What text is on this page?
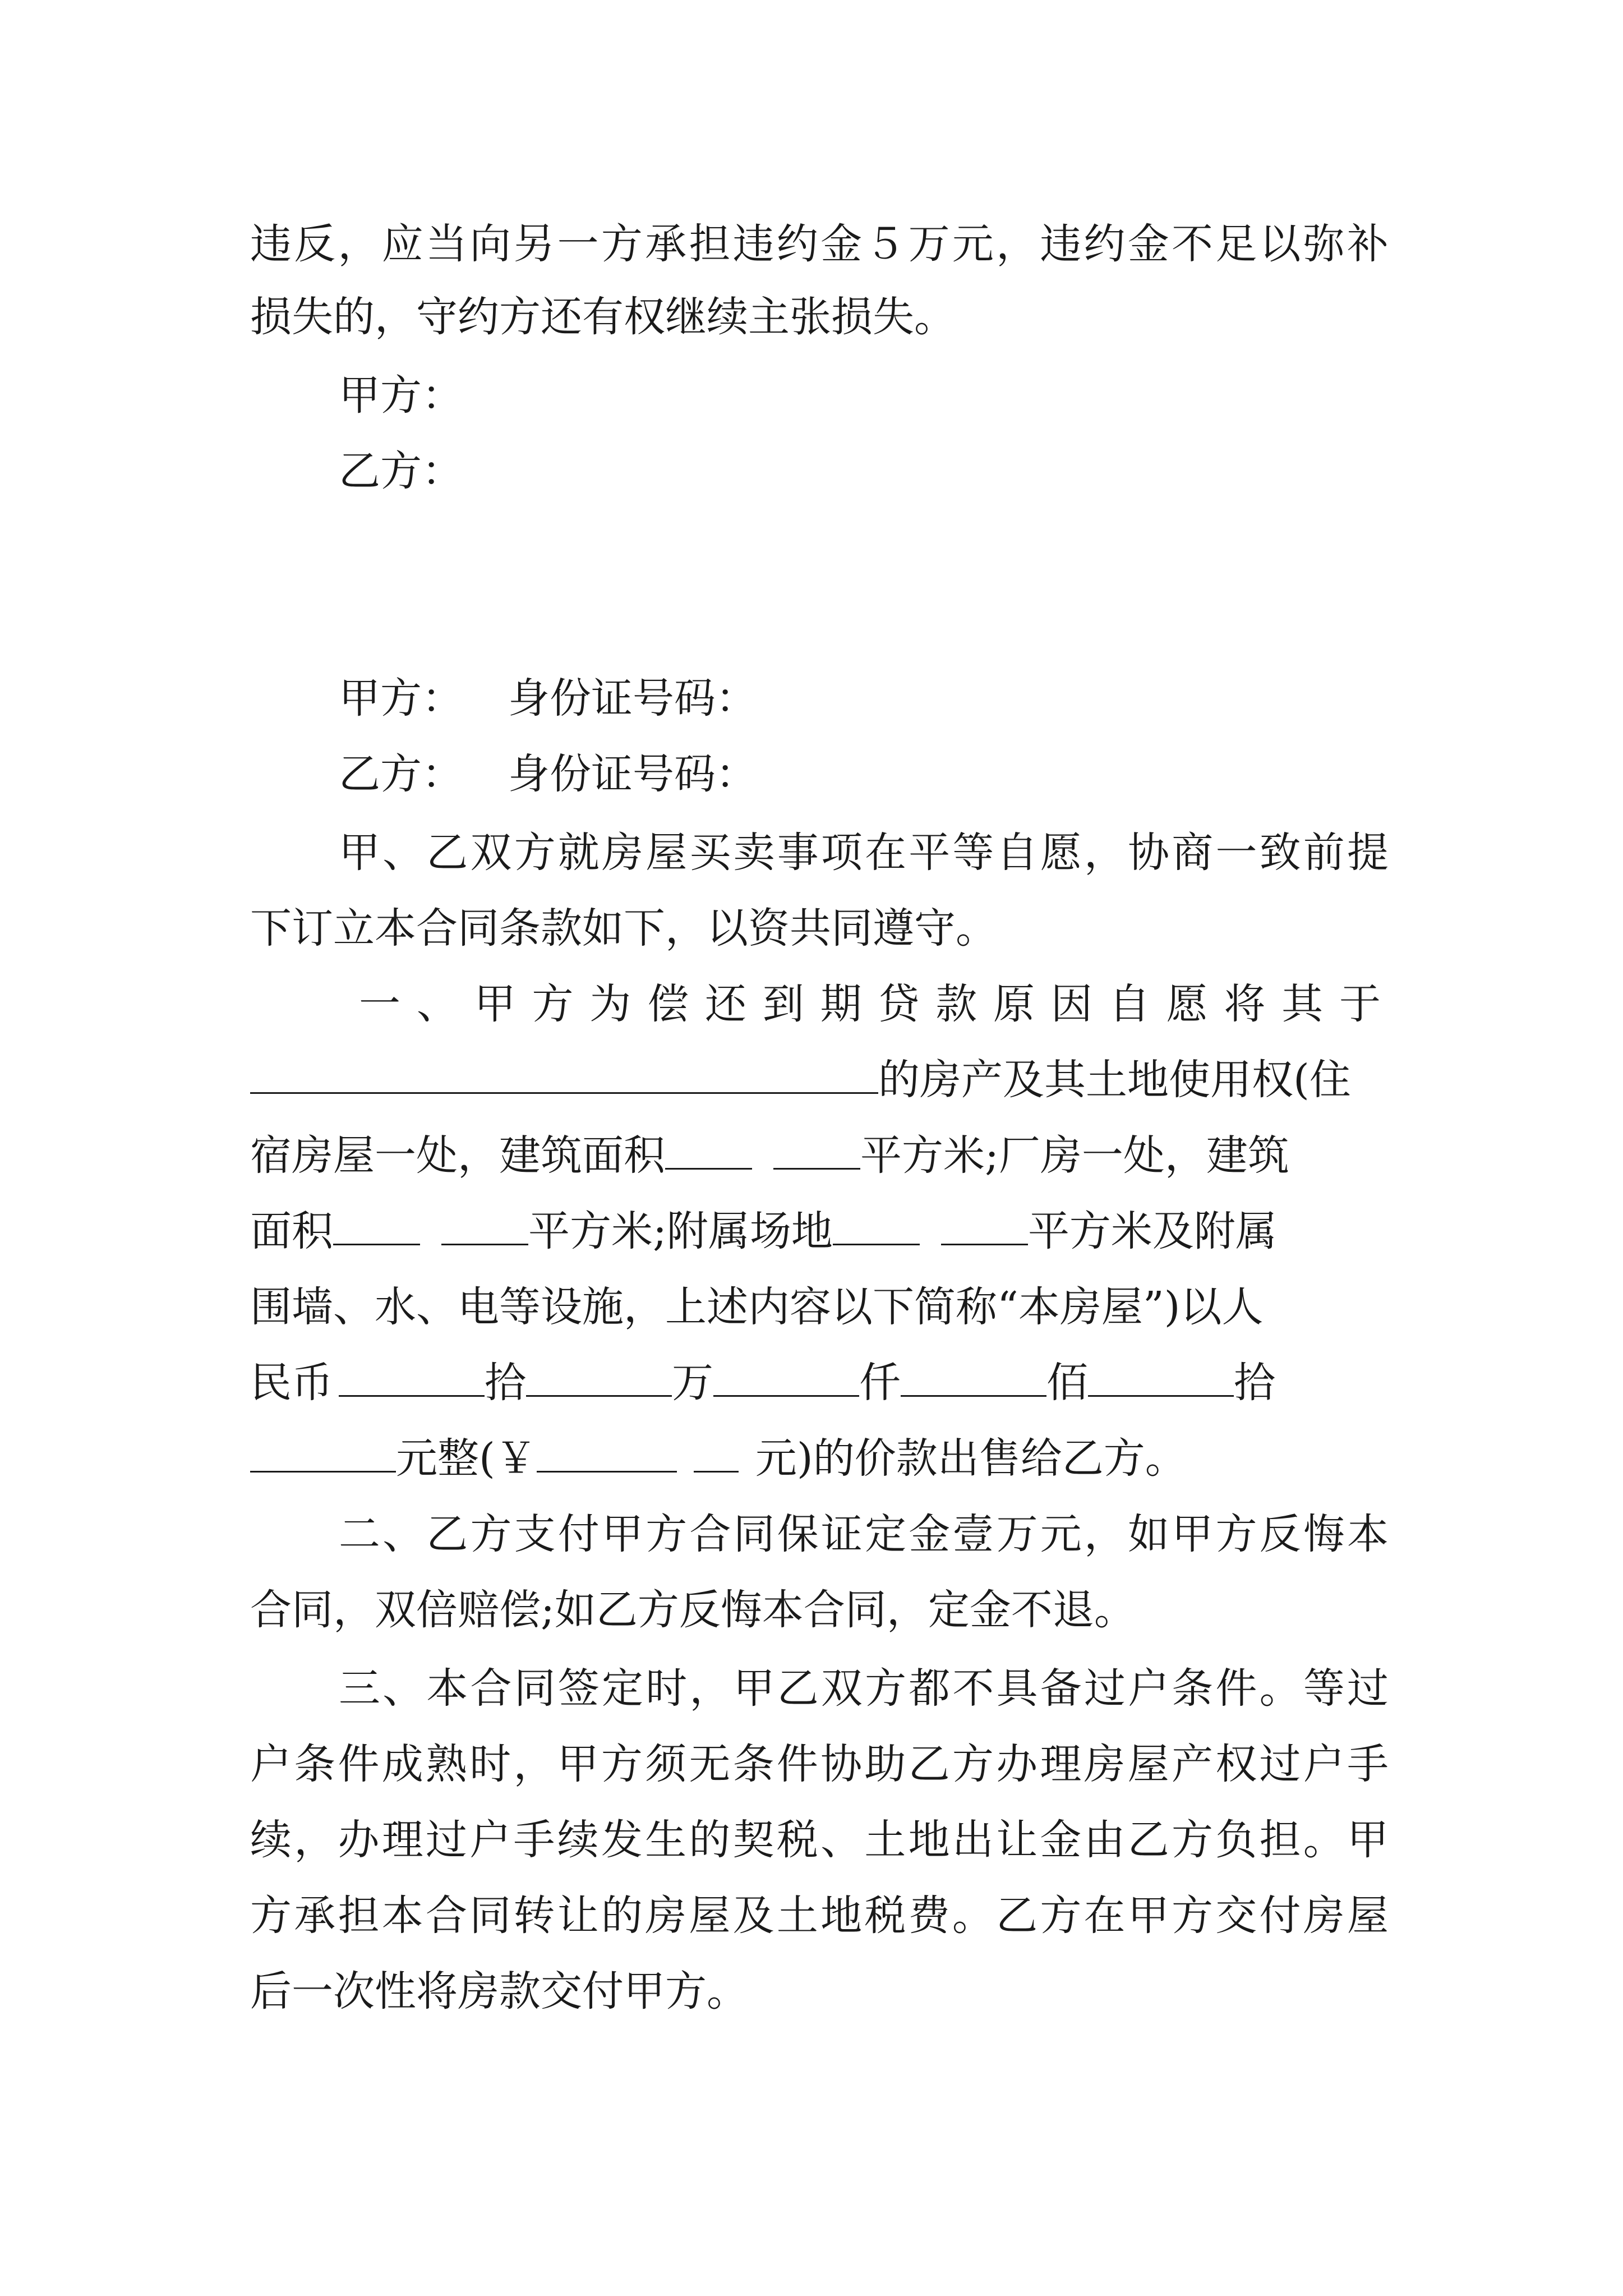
违反，应当向另一方承担违约金５万元，违约金不足以弥补
损失的，守约方还有权继续主张损失。
甲方：
乙方：

甲方： 身份证号码：
乙方： 身份证号码：
甲、乙双方就房屋买卖事项在平等自愿，协商一致前提
下订立本合同条款如下，以资共同遵守。
一、甲方为偿还到期贷款原因自愿将其于
的房产及其土地使用权(住
宿房屋一处，建筑面积	平方米;厂房一处，建筑
面积	平方米;附属场地	平方米及附属
围墙、水、电等设施，上述内容以下简称“本房屋”)以人
民币	拾	万	仟	佰	拾
元整(￥	元)的价款出售给乙方。
二、乙方支付甲方合同保证定金壹万元，如甲方反悔本
合同，双倍赔偿;如乙方反悔本合同，定金不退。
三、本合同签定时，甲乙双方都不具备过户条件。等过
户条件成熟时，甲方须无条件协助乙方办理房屋产权过户手
续，办理过户手续发生的契税、土地出让金由乙方负担。甲
方承担本合同转让的房屋及土地税费。乙方在甲方交付房屋
后一次性将房款交付甲方。
